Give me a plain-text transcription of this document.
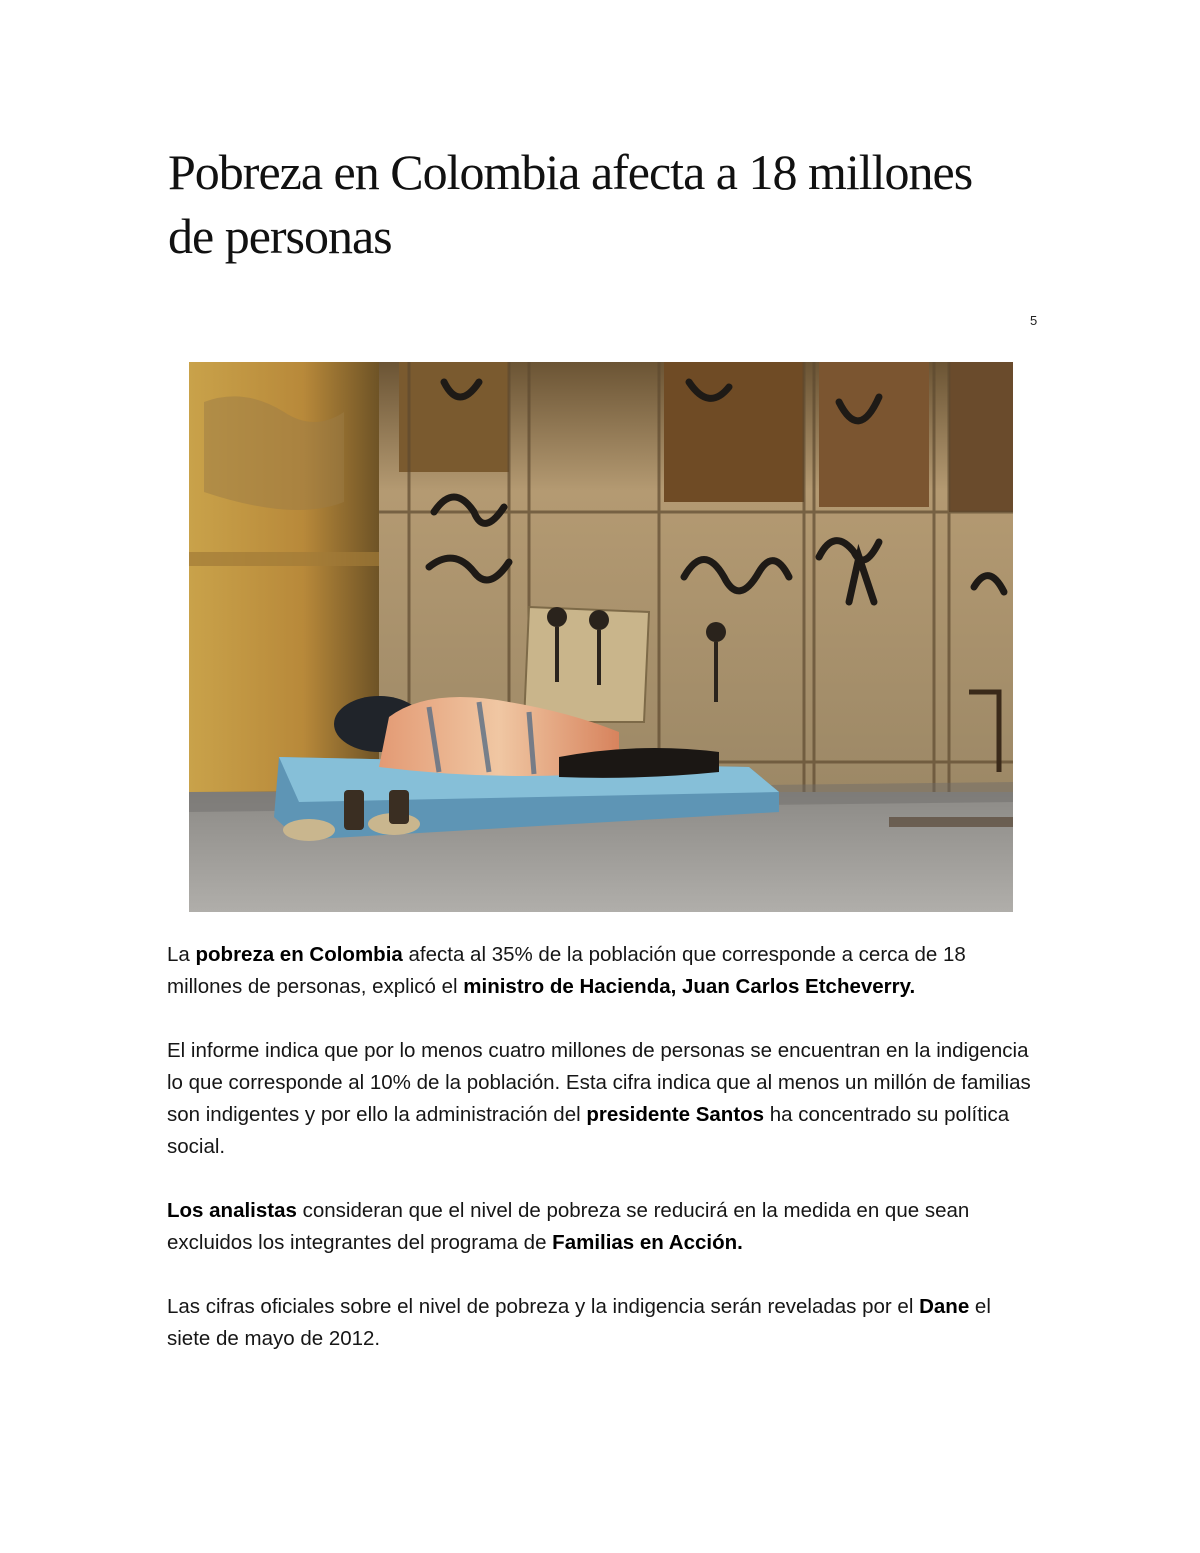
Pobreza en Colombia afecta a 18 millones de personas
5

La pobreza en Colombia afecta al 35% de la población que corresponde a cerca de 18 millones de personas, explicó el ministro de Hacienda, Juan Carlos Etcheverry.

El informe indica que por lo menos cuatro millones de personas se encuentran en la indigencia lo que corresponde al 10% de la población. Esta cifra indica que al menos un millón de familias son indigentes y por ello la administración del presidente Santos ha concentrado su política social.

Los analistas consideran que el nivel de pobreza se reducirá en la medida en que sean excluidos los integrantes del programa de Familias en Acción.

Las cifras oficiales sobre el nivel de pobreza y la indigencia serán reveladas por el Dane el siete de mayo de 2012.
